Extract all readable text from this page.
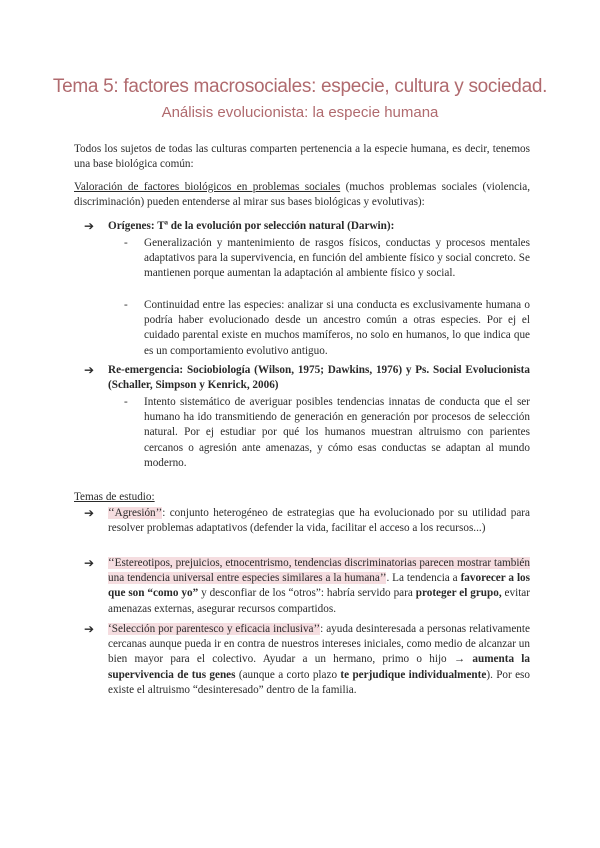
Tema 5: factores macrosociales: especie, cultura y sociedad.
Análisis evolucionista: la especie humana

Todos los sujetos de todas las culturas comparten pertenencia a la especie humana, es decir, tenemos una base biológica común:

Valoración de factores biológicos en problemas sociales (muchos problemas sociales (violencia, discriminación) pueden entenderse al mirar sus bases biológicas y evolutivas):

➔ Orígenes: Tª de la evolución por selección natural (Darwin):
- Generalización y mantenimiento de rasgos físicos, conductas y procesos mentales adaptativos para la supervivencia, en función del ambiente físico y social concreto. Se mantienen porque aumentan la adaptación al ambiente físico y social.
- Continuidad entre las especies: analizar si una conducta es exclusivamente humana o podría haber evolucionado desde un ancestro común a otras especies. Por ej el cuidado parental existe en muchos mamíferos, no solo en humanos, lo que indica que es un comportamiento evolutivo antiguo.
➔ Re-emergencia: Sociobiología (Wilson, 1975; Dawkins, 1976) y Ps. Social Evolucionista (Schaller, Simpson y Kenrick, 2006)
- Intento sistemático de averiguar posibles tendencias innatas de conducta que el ser humano ha ido transmitiendo de generación en generación por procesos de selección natural. Por ej estudiar por qué los humanos muestran altruismo con parientes cercanos o agresión ante amenazas, y cómo esas conductas se adaptan al mundo moderno.

Temas de estudio:

➔ ‘‘Agresión’’: conjunto heterogéneo de estrategias que ha evolucionado por su utilidad para resolver problemas adaptativos (defender la vida, facilitar el acceso a los recursos...)
➔ ‘‘Estereotipos, prejuicios, etnocentrismo, tendencias discriminatorias parecen mostrar también una tendencia universal entre especies similares a la humana’’. La tendencia a favorecer a los que son “como yo” y desconfiar de los “otros”: habría servido para proteger el grupo, evitar amenazas externas, asegurar recursos compartidos.
➔ ‘Selección por parentesco y eficacia inclusiva’’: ayuda desinteresada a personas relativamente cercanas aunque pueda ir en contra de nuestros intereses iniciales, como medio de alcanzar un bien mayor para el colectivo. Ayudar a un hermano, primo o hijo → aumenta la supervivencia de tus genes (aunque a corto plazo te perjudique individualmente). Por eso existe el altruismo “desinteresado” dentro de la familia.
